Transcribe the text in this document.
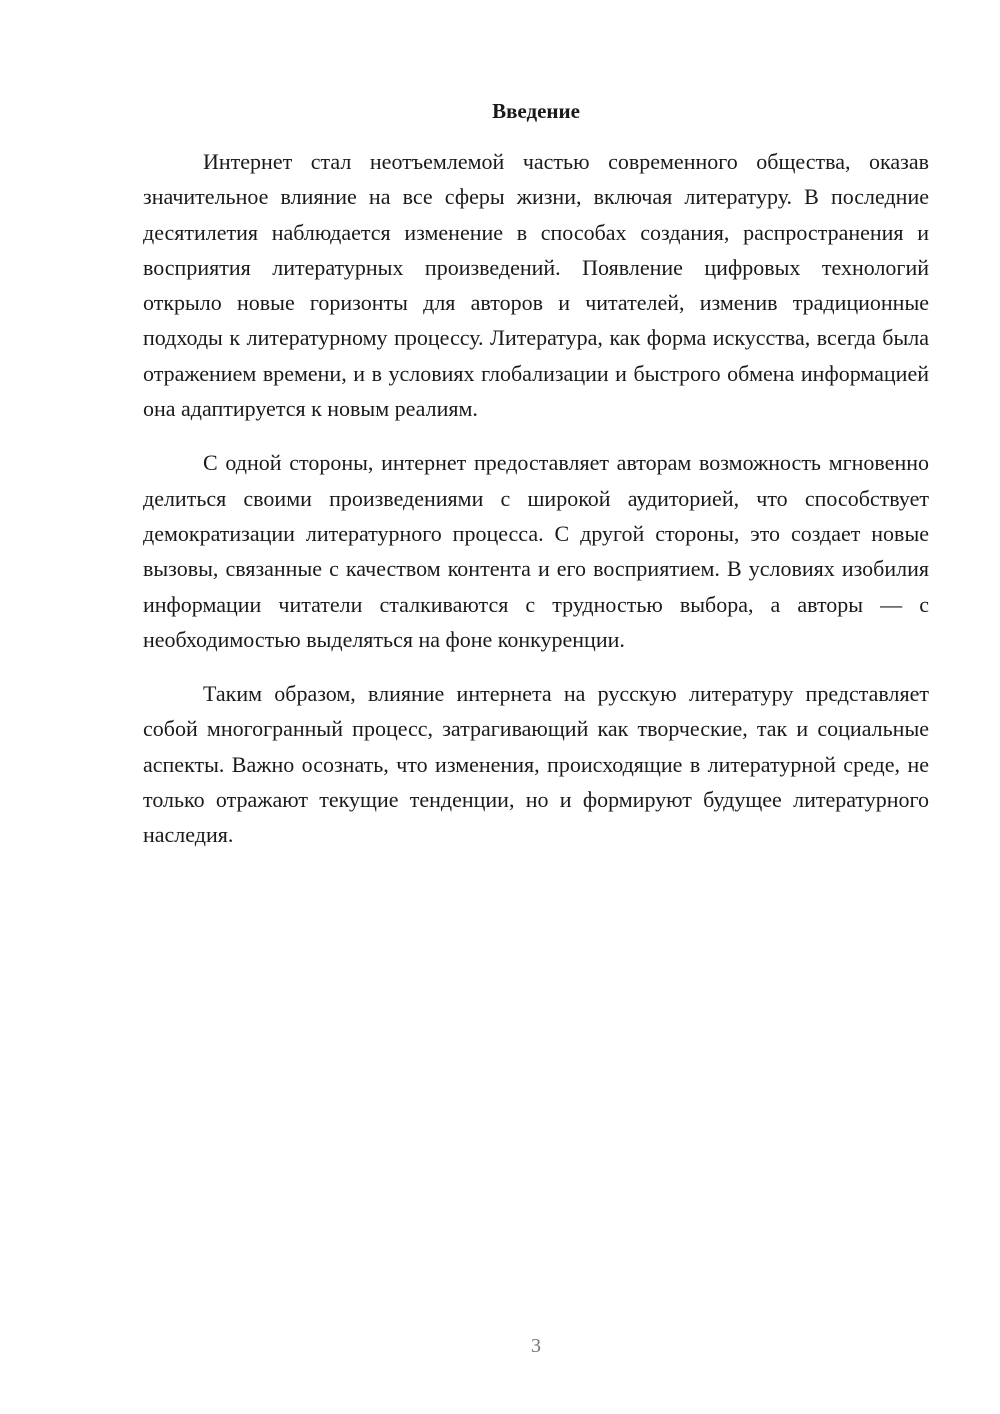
Введение

Интернет стал неотъемлемой частью современного общества, оказав значительное влияние на все сферы жизни, включая литературу. В последние десятилетия наблюдается изменение в способах создания, распространения и восприятия литературных произведений. Появление цифровых технологий открыло новые горизонты для авторов и читателей, изменив традиционные подходы к литературному процессу. Литература, как форма искусства, всегда была отражением времени, и в условиях глобализации и быстрого обмена информацией она адаптируется к новым реалиям.

С одной стороны, интернет предоставляет авторам возможность мгновенно делиться своими произведениями с широкой аудиторией, что способствует демократизации литературного процесса. С другой стороны, это создает новые вызовы, связанные с качеством контента и его восприятием. В условиях изобилия информации читатели сталкиваются с трудностью выбора, а авторы — с необходимостью выделяться на фоне конкуренции.

Таким образом, влияние интернета на русскую литературу представляет собой многогранный процесс, затрагивающий как творческие, так и социальные аспекты. Важно осознать, что изменения, происходящие в литературной среде, не только отражают текущие тенденции, но и формируют будущее литературного наследия.

3
